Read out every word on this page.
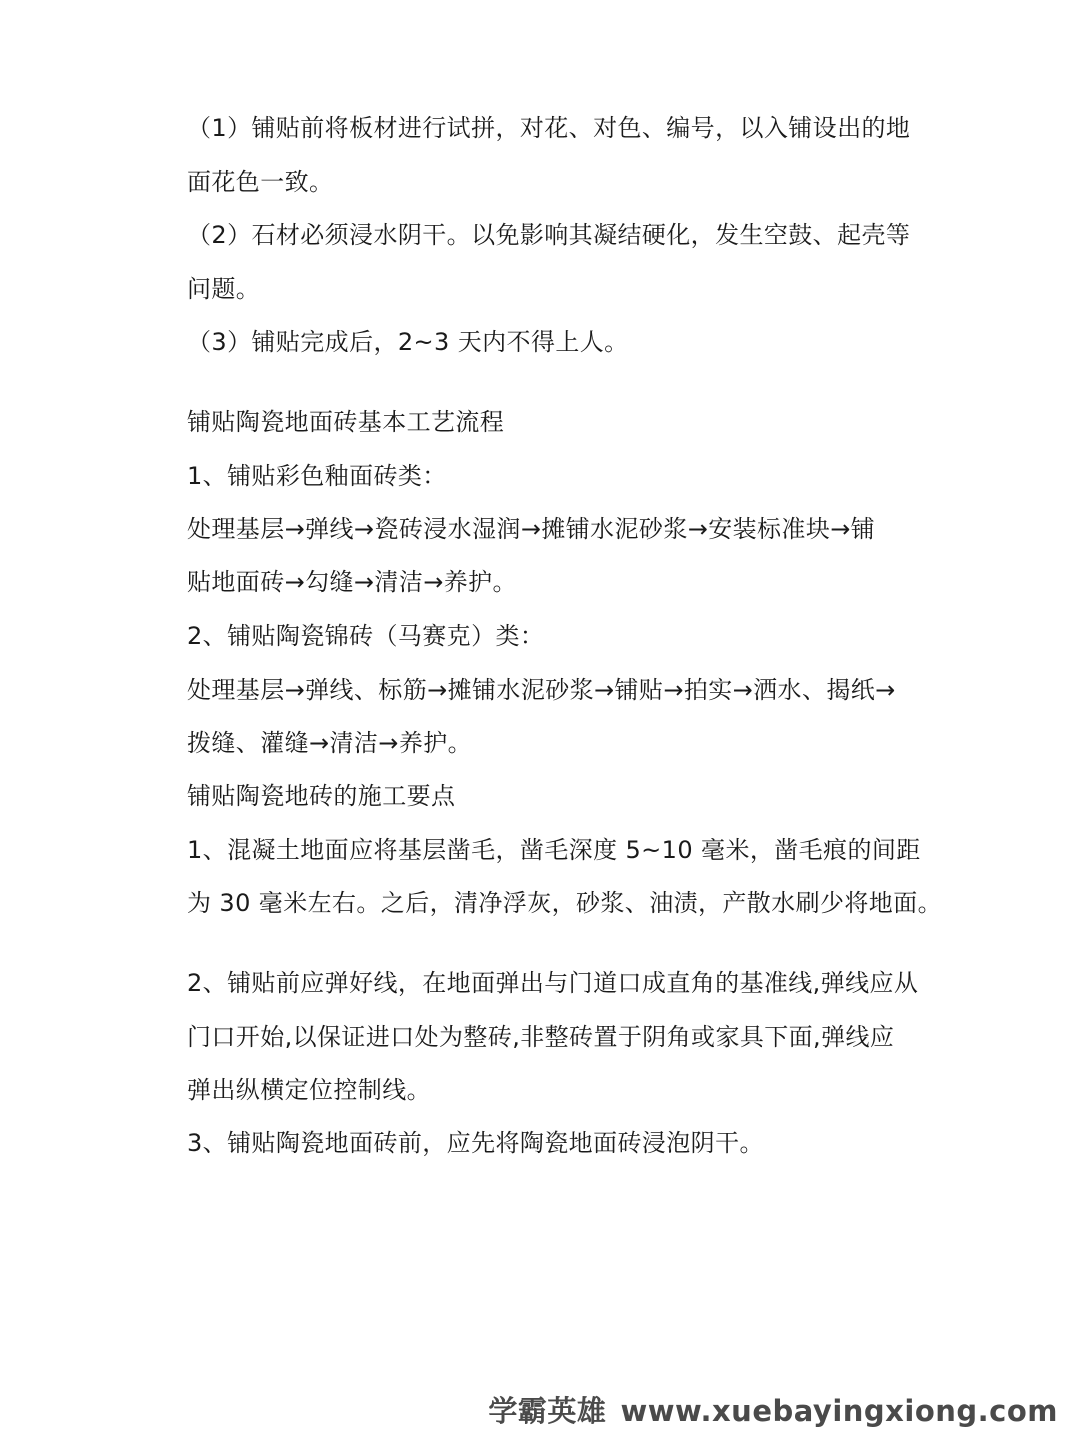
（1）铺贴前将板材进行试拼，对花、对色、编号，以入铺设出的地

面花色一致。

（2）石材必须浸水阴干。以免影响其凝结硬化，发生空鼓、起壳等

问题。

（3）铺贴完成后，2~3 天内不得上人。

铺贴陶瓷地面砖基本工艺流程

1、铺贴彩色釉面砖类：

处理基层→弹线→瓷砖浸水湿润→摊铺水泥砂浆→安装标准块→铺

贴地面砖→勾缝→清洁→养护。

2、铺贴陶瓷锦砖（马赛克）类：

处理基层→弹线、标筋→摊铺水泥砂浆→铺贴→拍实→洒水、揭纸→

拨缝、灌缝→清洁→养护。

铺贴陶瓷地砖的施工要点

1、混凝土地面应将基层凿毛，凿毛深度 5~10 毫米，凿毛痕的间距

为 30 毫米左右。之后，清净浮灰，砂浆、油渍，产散水刷少将地面。

2、铺贴前应弹好线，在地面弹出与门道口成直角的基准线,弹线应从

门口开始,以保证进口处为整砖,非整砖置于阴角或家具下面,弹线应

弹出纵横定位控制线。

3、铺贴陶瓷地面砖前，应先将陶瓷地面砖浸泡阴干。

学霸英雄 www.xuebayingxiong.com
